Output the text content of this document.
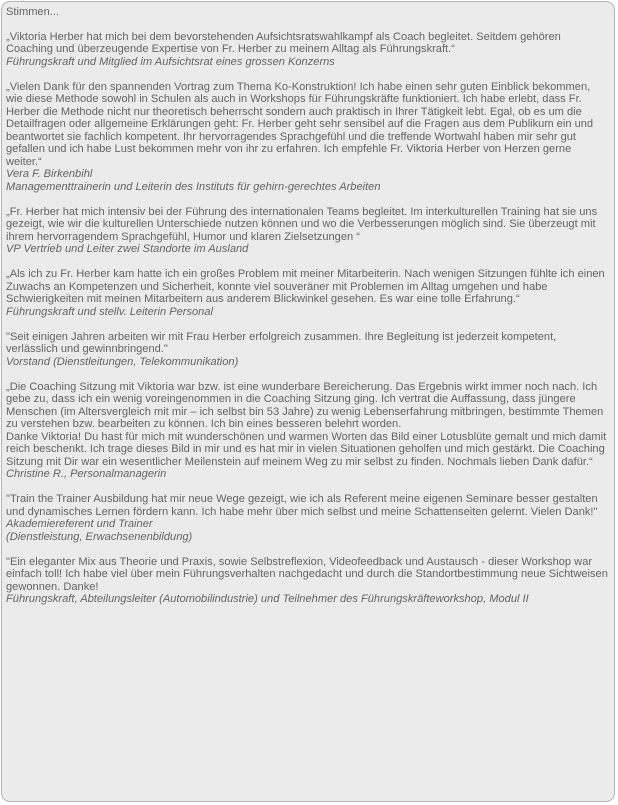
Stimmen...

„Viktoria Herber hat mich bei dem bevorstehenden Aufsichtsratswahlkampf als Coach begleitet. Seitdem gehören Coaching und überzeugende Expertise von Fr. Herber zu meinem Alltag als Führungskraft.“

Führungskraft und Mitglied im Aufsichtsrat eines grossen Konzerns

„Vielen Dank für den spannenden Vortrag zum Thema Ko-Konstruktion! Ich habe einen sehr guten Einblick bekommen, wie diese Methode sowohl in Schulen als auch in Workshops für Führungskräfte funktioniert. Ich habe erlebt, dass Fr. Herber die Methode nicht nur theoretisch beherrscht sondern auch praktisch in Ihrer Tätigkeit lebt. Egal, ob es um die Detailfragen oder allgemeine Erklärungen geht: Fr. Herber geht sehr sensibel auf die Fragen aus dem Publikum ein und beantwortet sie fachlich kompetent. Ihr hervorragendes Sprachgefühl und die treffende Wortwahl haben mir sehr gut gefallen und ich habe Lust bekommen mehr von ihr zu erfahren. Ich empfehle Fr. Viktoria Herber von Herzen gerne weiter.“

Vera F. Birkenbihl

Managementtrainerin und Leiterin des Instituts für gehirn-gerechtes Arbeiten

„Fr. Herber hat mich intensiv bei der Führung des internationalen Teams begleitet. Im interkulturellen Training hat sie uns gezeigt, wie wir die kulturellen Unterschiede nutzen können und wo die Verbesserungen möglich sind. Sie überzeugt mit ihrem hervorragendem Sprachgefühl, Humor und klaren Zielsetzungen “

VP Vertrieb und Leiter zwei Standorte im Ausland

„Als ich zu Fr. Herber kam hatte ich ein großes Problem mit meiner Mitarbeiterin. Nach wenigen Sitzungen fühlte ich einen Zuwachs an Kompetenzen und Sicherheit, konnte viel souveräner mit Problemen im Alltag umgehen und habe Schwierigkeiten mit meinen Mitarbeitern aus anderem Blickwinkel gesehen. Es war eine tolle Erfahrung.“

Führungskraft und stellv. Leiterin Personal

"Seit einigen Jahren arbeiten wir mit Frau Herber erfolgreich zusammen. Ihre Begleitung ist jederzeit kompetent, verlässlich und gewinnbringend."

Vorstand (Dienstleitungen, Telekommunikation)

„Die Coaching Sitzung mit Viktoria war bzw. ist eine wunderbare Bereicherung. Das Ergebnis wirkt immer noch nach. Ich gebe zu, dass ich ein wenig voreingenommen in die Coaching Sitzung ging. Ich vertrat die Auffassung, dass jüngere Menschen (im Altersvergleich mit mir – ich selbst bin 53 Jahre) zu wenig Lebenserfahrung mitbringen, bestimmte Themen zu verstehen bzw. bearbeiten zu können. Ich bin eines besseren belehrt worden.

Danke Viktoria! Du hast für mich mit wunderschönen und warmen Worten das Bild einer Lotusblüte gemalt und mich damit reich beschenkt. Ich trage dieses Bild in mir und es hat mir in vielen Situationen geholfen und mich gestärkt. Die Coaching Sitzung mit Dir war ein wesentlicher Meilenstein auf meinem Weg zu mir selbst zu finden. Nochmals lieben Dank dafür.“

Christine R., Personalmanagerin

"Train the Trainer Ausbildung hat mir neue Wege gezeigt, wie ich als Referent meine eigenen Seminare besser gestalten und dynamisches Lernen fördern kann. Ich habe mehr über mich selbst und meine Schattenseiten gelernt. Vielen Dank!"

Akademiereferent und Trainer

(Dienstleistung, Erwachsenenbildung)

"Ein eleganter Mix aus Theorie und Praxis, sowie Selbstreflexion, Videofeedback und Austausch - dieser Workshop war einfach toll! Ich habe viel über mein Führungsverhalten nachgedacht und durch die Standortbestimmung neue Sichtweisen gewonnen. Danke!

Führungskraft, Abteilungsleiter (Automobilindustrie) und Teilnehmer des Führungskräfteworkshop, Modul II
